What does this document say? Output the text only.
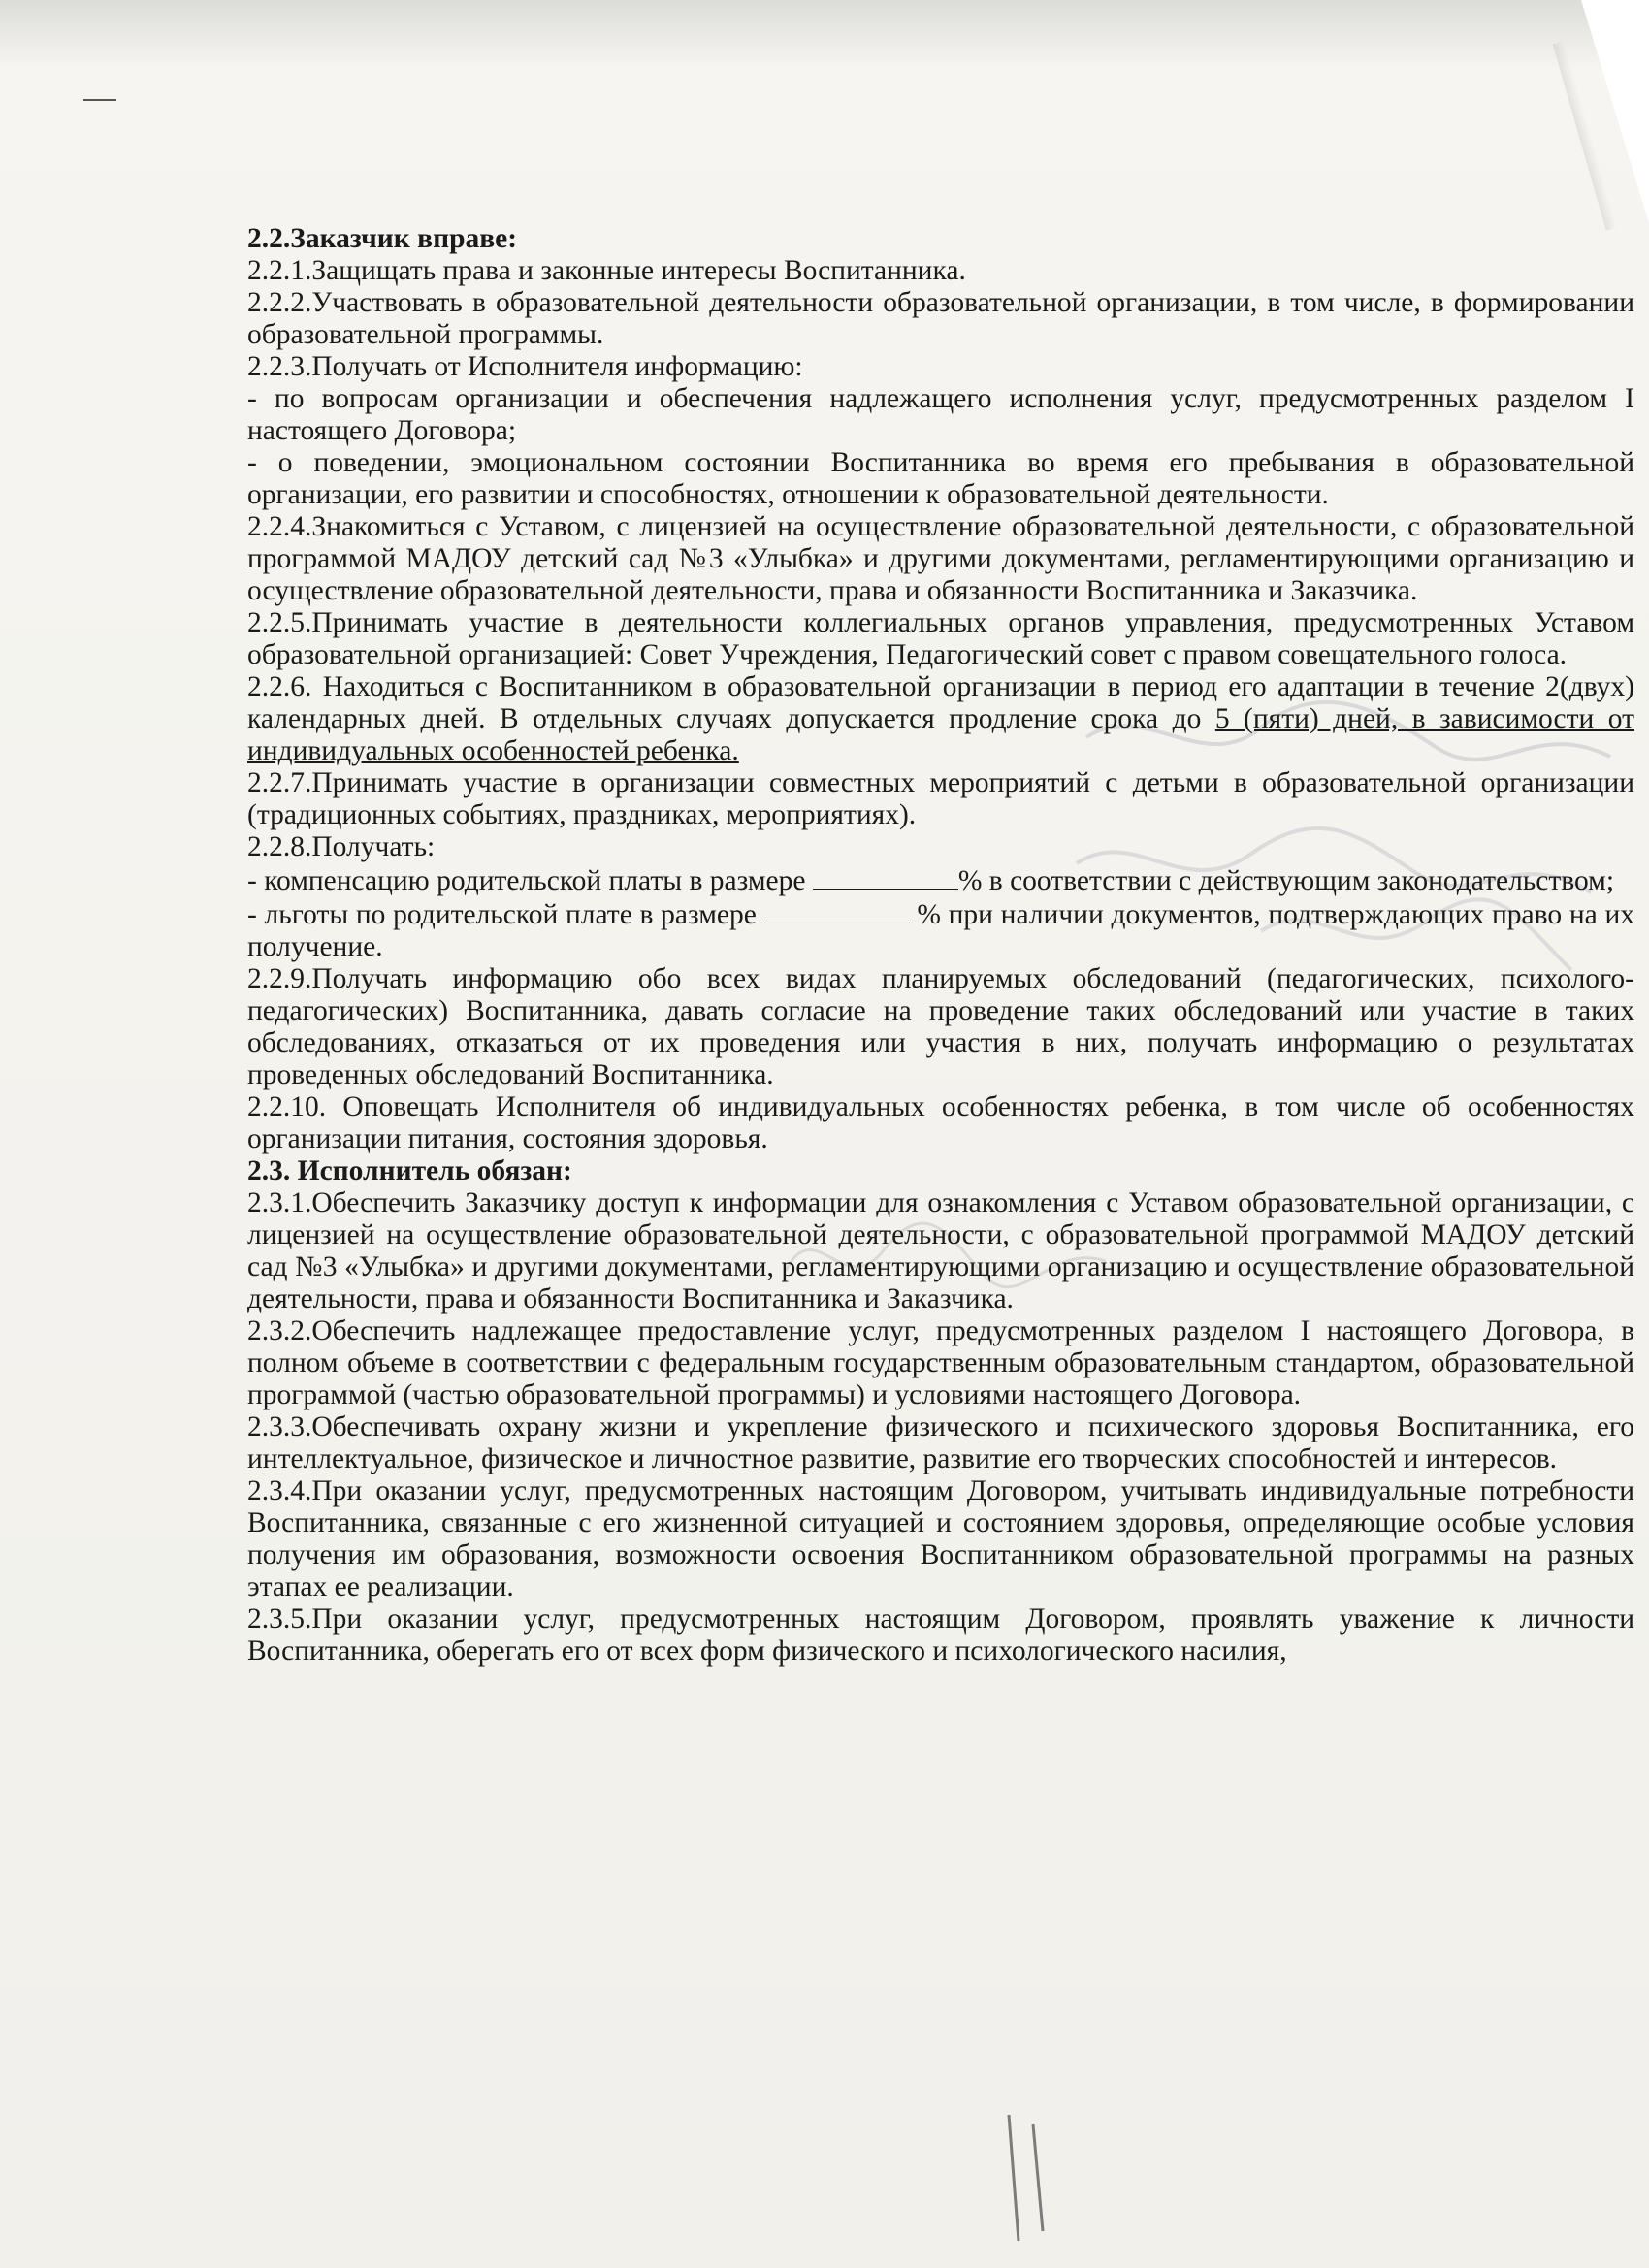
2.2.Заказчик вправе:

2.2.1.Защищать права и законные интересы Воспитанника.

2.2.2.Участвовать в образовательной деятельности образовательной организации, в том числе, в формировании образовательной программы.

2.2.3.Получать от Исполнителя информацию:

- по вопросам организации и обеспечения надлежащего исполнения услуг, предусмотренных разделом I настоящего Договора;

- о поведении, эмоциональном состоянии Воспитанника во время его пребывания в образовательной организации, его развитии и способностях, отношении к образовательной деятельности.

2.2.4.Знакомиться с Уставом, с лицензией на осуществление образовательной деятельности, с образовательной программой МАДОУ детский сад №3 «Улыбка» и другими документами, регламентирующими организацию и осуществление образовательной деятельности, права и обязанности Воспитанника и Заказчика.

2.2.5.Принимать участие в деятельности коллегиальных органов управления, предусмотренных Уставом образовательной организацией: Совет Учреждения, Педагогический совет с правом совещательного голоса.

2.2.6. Находиться с Воспитанником в образовательной организации в период его адаптации в течение 2(двух) календарных дней. В отдельных случаях допускается продление срока до 5 (пяти) дней, в зависимости от индивидуальных особенностей ребенка.

2.2.7.Принимать участие в организации совместных мероприятий с детьми в образовательной организации (традиционных событиях, праздниках, мероприятиях).

2.2.8.Получать:

- компенсацию родительской платы в размере	% в соответствии с действующим законодательством;

- льготы по родительской плате в размере	% при наличии документов, подтверждающих право на их получение.

2.2.9.Получать информацию обо всех видах планируемых обследований (педагогических, психолого-педагогических) Воспитанника, давать согласие на проведение таких обследований или участие в таких обследованиях, отказаться от их проведения или участия в них, получать информацию о результатах проведенных обследований Воспитанника.

2.2.10. Оповещать Исполнителя об индивидуальных особенностях ребенка, в том числе об особенностях организации питания, состояния здоровья.

2.3. Исполнитель обязан:

2.3.1.Обеспечить Заказчику доступ к информации для ознакомления с Уставом образовательной организации, с лицензией на осуществление образовательной деятельности, с образовательной программой МАДОУ детский сад №3 «Улыбка» и другими документами, регламентирующими организацию и осуществление образовательной деятельности, права и обязанности Воспитанника и Заказчика.

2.3.2.Обеспечить надлежащее предоставление услуг, предусмотренных разделом I настоящего Договора, в полном объеме в соответствии с федеральным государственным образовательным стандартом, образовательной программой (частью образовательной программы) и условиями настоящего Договора.

2.3.3.Обеспечивать охрану жизни и укрепление физического и психического здоровья Воспитанника, его интеллектуальное, физическое и личностное развитие, развитие его творческих способностей и интересов.

2.3.4.При оказании услуг, предусмотренных настоящим Договором, учитывать индивидуальные потребности Воспитанника, связанные с его жизненной ситуацией и состоянием здоровья, определяющие особые условия получения им образования, возможности освоения Воспитанником образовательной программы на разных этапах ее реализации.

2.3.5.При оказании услуг, предусмотренных настоящим Договором, проявлять уважение к личности Воспитанника, оберегать его от всех форм физического и психологического насилия,
